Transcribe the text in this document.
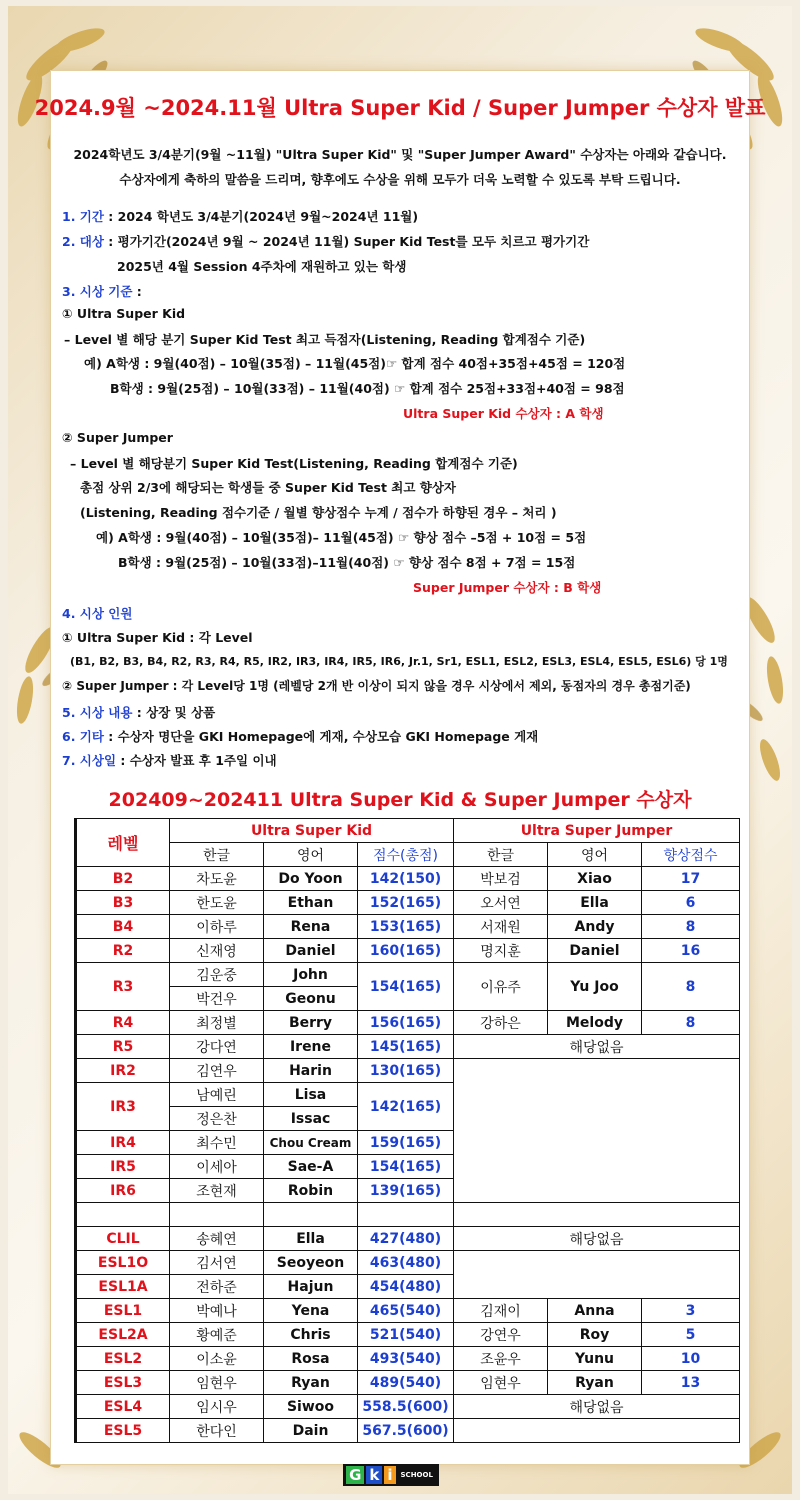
2024.9월 ~2024.11월 Ultra Super Kid / Super Jumper 수상자 발표
2024학년도 3/4분기(9월 ~11월) "Ultra Super Kid" 및 "Super Jumper Award" 수상자는 아래와 같습니다.
수상자에게 축하의 말씀을 드리며, 향후에도 수상을 위해 모두가 더욱 노력할 수 있도록 부탁 드립니다.
1. 기간 : 2024 학년도 3/4분기(2024년 9월~2024년 11월)
2. 대상 : 평가기간(2024년 9월 ~ 2024년 11월) Super Kid Test를 모두 치르고 평가기간
2025년 4월 Session 4주차에 재원하고 있는 학생
3. 시상 기준 :
① Ultra Super Kid
– Level 별 해당 분기 Super Kid Test 최고 득점자(Listening, Reading 합계점수 기준)
예) A학생 : 9월(40점) – 10월(35점) – 11월(45점)☞ 합계 점수 40점+35점+45점 = 120점
B학생 : 9월(25점) – 10월(33점) – 11월(40점) ☞ 합계 점수 25점+33점+40점 = 98점
Ultra Super Kid 수상자 : A 학생
② Super Jumper
– Level 별 해당분기 Super Kid Test(Listening, Reading 합계점수 기준)
총점 상위 2/3에 해당되는 학생들 중 Super Kid Test 최고 향상자
(Listening, Reading 점수기준 / 월별 향상점수 누계 / 점수가 하향된 경우 – 처리 )
예) A학생 : 9월(40점) – 10월(35점)– 11월(45점) ☞ 향상 점수 –5점 + 10점 = 5점
B학생 : 9월(25점) – 10월(33점)–11월(40점) ☞ 향상 점수 8점 + 7점 = 15점
Super Jumper 수상자 : B 학생
4. 시상 인원
① Ultra Super Kid : 각 Level
(B1, B2, B3, B4, R2, R3, R4, R5, IR2, IR3, IR4, IR5, IR6, Jr.1, Sr1, ESL1, ESL2, ESL3, ESL4, ESL5, ESL6) 당 1명
② Super Jumper : 각 Level당 1명 (레벨당 2개 반 이상이 되지 않을 경우 시상에서 제외, 동점자의 경우 총점기준)
5. 시상 내용 : 상장 및 상품
6. 기타 : 수상자 명단을 GKI Homepage에 게재, 수상모습 GKI Homepage 게재
7. 시상일 : 수상자 발표 후 1주일 이내
202409~202411 Ultra Super Kid & Super Jumper 수상자
레벨	Ultra Super Kid			Ultra Super Jumper		
	한글	영어	점수(총점)	한글	영어	향상점수
B2	차도윤	Do Yoon	142(150)	박보검	Xiao	17
B3	한도윤	Ethan	152(165)	오서연	Ella	6
B4	이하루	Rena	153(165)	서재원	Andy	8
R2	신재영	Daniel	160(165)	명지훈	Daniel	16
R3	김운중	John	154(165)	이유주	Yu Joo	8
	박건우	Geonu				
R4	최정별	Berry	156(165)	강하은	Melody	8
R5	강다연	Irene	145(165)	해당없음		
IR2	김연우	Harin	130(165)			
IR3	남예린	Lisa	142(165)			
	정은찬	Issac				
IR4	최수민	Chou Cream	159(165)			
IR5	이세아	Sae-A	154(165)			
IR6	조현재	Robin	139(165)			

CLIL	송혜연	Ella	427(480)	해당없음		
ESL1O	김서연	Seoyeon	463(480)			
ESL1A	전하준	Hajun	454(480)			
ESL1	박예나	Yena	465(540)	김재이	Anna	3
ESL2A	황예준	Chris	521(540)	강연우	Roy	5
ESL2	이소윤	Rosa	493(540)	조윤우	Yunu	10
ESL3	임현우	Ryan	489(540)	임현우	Ryan	13
ESL4	임시우	Siwoo	558.5(600)	해당없음		
ESL5	한다인	Dain	567.5(600)			
G k i	SCHOOL
